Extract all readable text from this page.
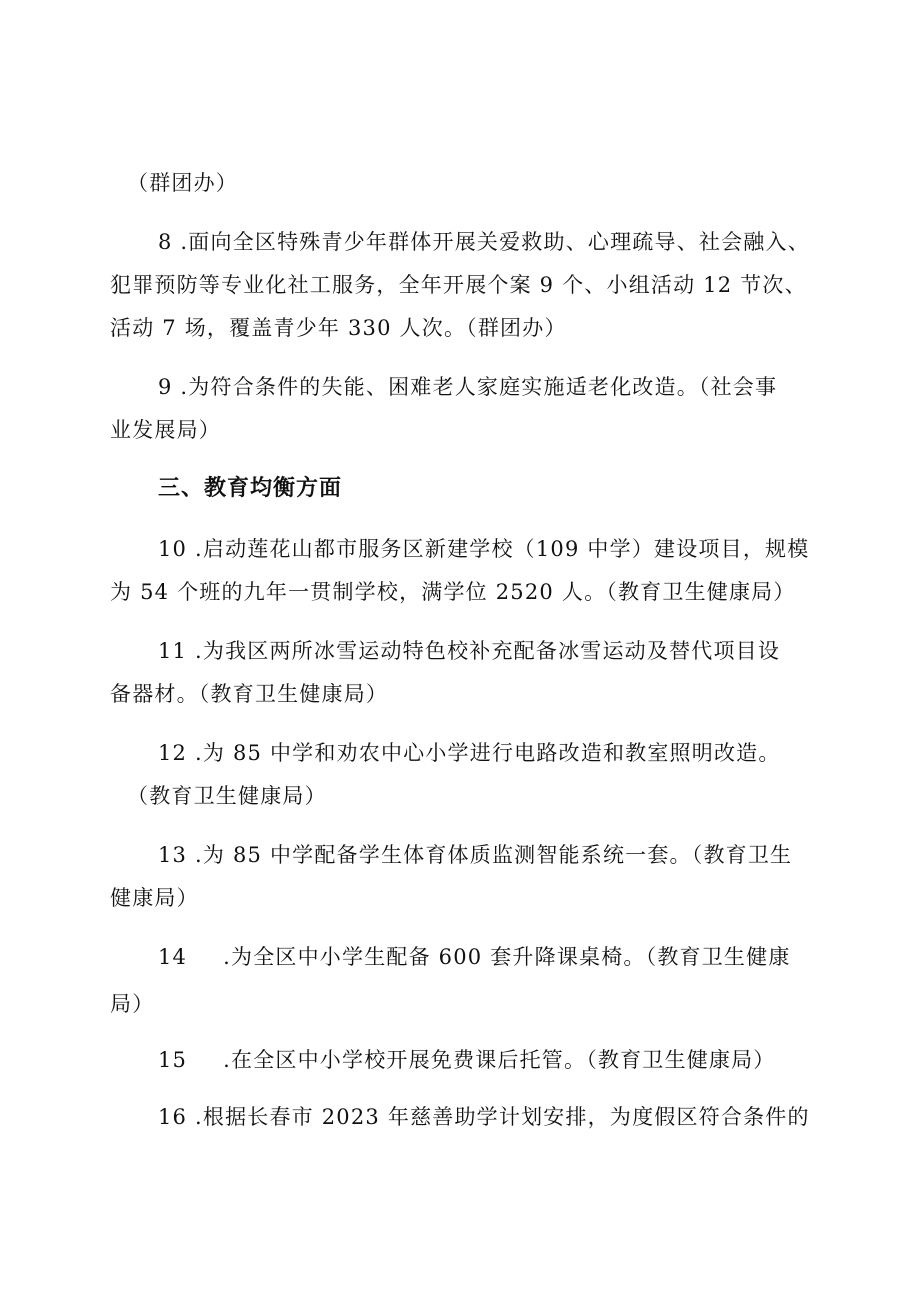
（群团办）
8 .面向全区特殊青少年群体开展关爱救助、心理疏导、社会融入、
犯罪预防等专业化社工服务，全年开展个案 9 个、小组活动 12 节次、
活动 7 场，覆盖青少年 330 人次。（群团办）
9 .为符合条件的失能、困难老人家庭实施适老化改造。（社会事
业发展局）
三、教育均衡方面
10 .启动莲花山都市服务区新建学校（109 中学）建设项目，规模
为 54 个班的九年一贯制学校，满学位 2520 人。（教育卫生健康局）
11 .为我区两所冰雪运动特色校补充配备冰雪运动及替代项目设
备器材。（教育卫生健康局）
12 .为 85 中学和劝农中心小学进行电路改造和教室照明改造。
（教育卫生健康局）
13 .为 85 中学配备学生体育体质监测智能系统一套。（教育卫生
健康局）
14 .为全区中小学生配备 600 套升降课桌椅。（教育卫生健康
局）
15 .在全区中小学校开展免费课后托管。（教育卫生健康局）
16 .根据长春市 2023 年慈善助学计划安排，为度假区符合条件的
